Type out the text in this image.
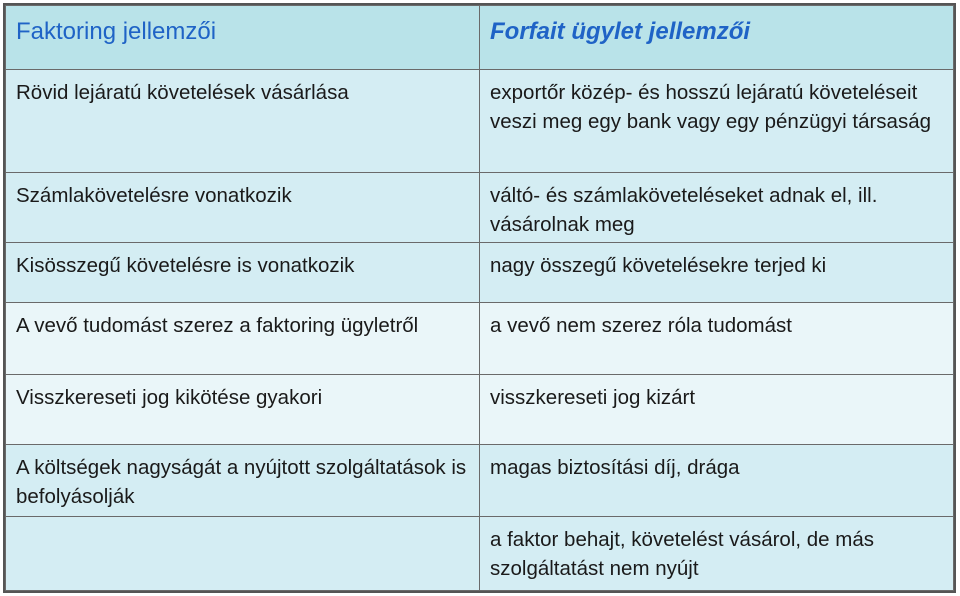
Faktoring jellemzői	Forfait ügylet jellemzői
Rövid lejáratú követelések vásárlása	exportőr közép- és hosszú lejáratú követeléseit veszi meg egy bank vagy egy pénzügyi társaság
Számlakövetelésre vonatkozik	váltó- és számlaköveteléseket adnak el, ill. vásárolnak meg
Kisösszegű követelésre is vonatkozik	nagy összegű követelésekre terjed ki
A vevő tudomást szerez a faktoring ügyletről	a vevő nem szerez róla tudomást
Visszkereseti jog kikötése gyakori	visszkereseti jog kizárt
A költségek nagyságát a nyújtott szolgáltatások is befolyásolják	magas biztosítási díj, drága
	a faktor behajt, követelést vásárol, de más szolgáltatást nem nyújt
